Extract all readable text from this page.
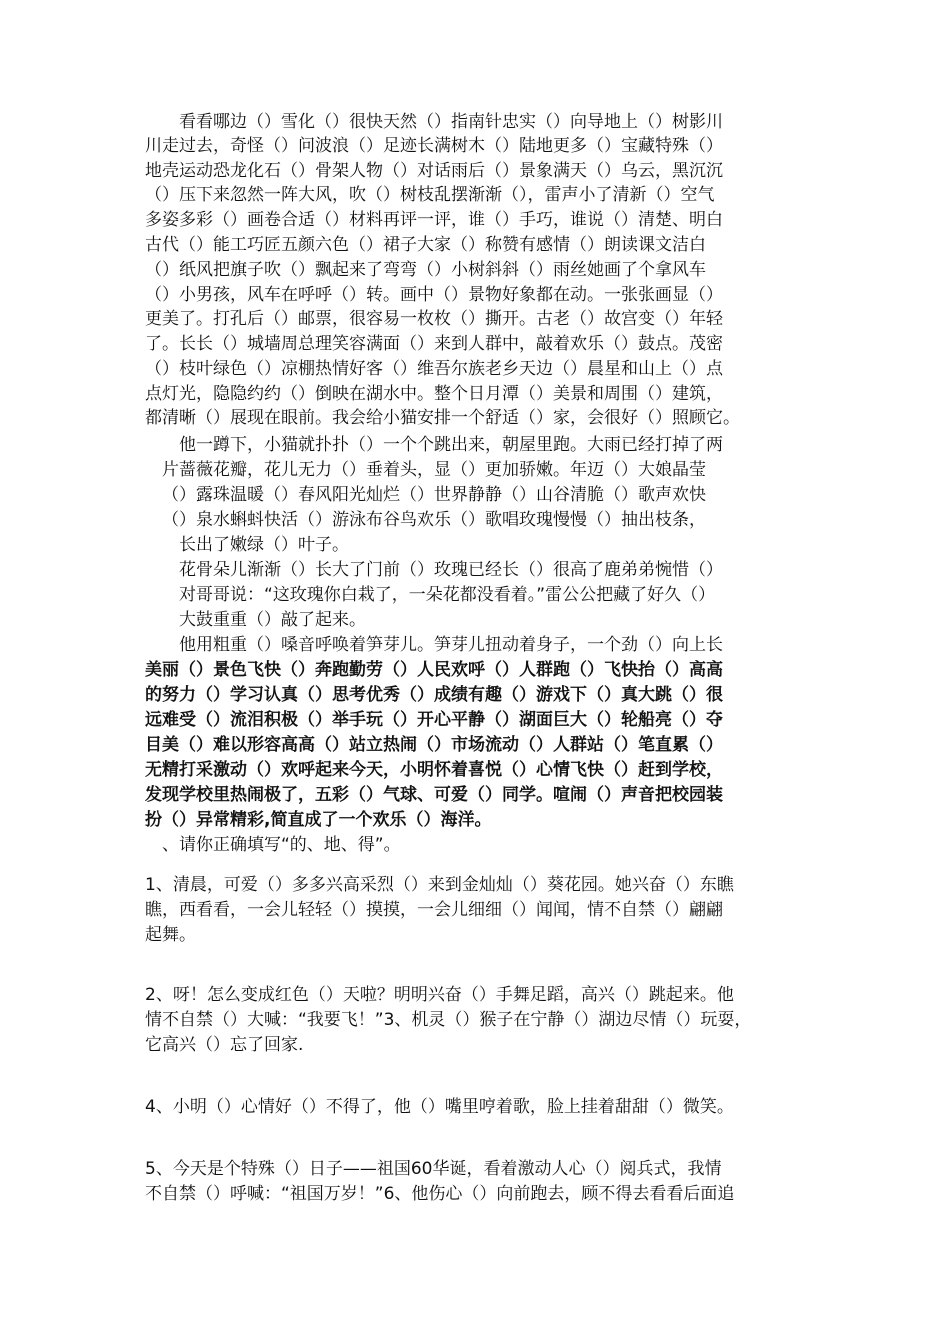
看看哪边（）雪化（）很快天然（）指南针忠实（）向导地上（）树影川
川走过去，奇怪（）问波浪（）足迹长满树木（）陆地更多（）宝藏特殊（）
地壳运动恐龙化石（）骨架人物（）对话雨后（）景象满天（）乌云，黑沉沉
（）压下来忽然一阵大风，吹（）树枝乱摆渐渐（），雷声小了清新（）空气
多姿多彩（）画卷合适（）材料再评一评，谁（）手巧，谁说（）清楚、明白
古代（）能工巧匠五颜六色（）裙子大家（）称赞有感情（）朗读课文洁白
（）纸风把旗子吹（）飘起来了弯弯（）小树斜斜（）雨丝她画了个拿风车
（）小男孩，风车在呼呼（）转。画中（）景物好象都在动。一张张画显（）
更美了。打孔后（）邮票，很容易一枚枚（）撕开。古老（）故宫变（）年轻
了。长长（）城墙周总理笑容满面（）来到人群中，敲着欢乐（）鼓点。茂密
（）枝叶绿色（）凉棚热情好客（）维吾尔族老乡天边（）晨星和山上（）点
点灯光，隐隐约约（）倒映在湖水中。整个日月潭（）美景和周围（）建筑，
都清晰（）展现在眼前。我会给小猫安排一个舒适（）家，会很好（）照顾它。
他一蹲下，小猫就扑扑（）一个个跳出来，朝屋里跑。大雨已经打掉了两
片蔷薇花瓣，花儿无力（）垂着头，显（）更加骄嫩。年迈（）大娘晶莹
（）露珠温暖（）春风阳光灿烂（）世界静静（）山谷清脆（）歌声欢快
（）泉水蝌蚪快活（）游泳布谷鸟欢乐（）歌唱玫瑰慢慢（）抽出枝条，
长出了嫩绿（）叶子。
花骨朵儿渐渐（）长大了门前（）玫瑰已经长（）很高了鹿弟弟惋惜（）
对哥哥说：“这玫瑰你白栽了，一朵花都没看着。”雷公公把藏了好久（）
大鼓重重（）敲了起来。
他用粗重（）嗓音呼唤着笋芽儿。笋芽儿扭动着身子，一个劲（）向上长
美丽（）景色飞快（）奔跑勤劳（）人民欢呼（）人群跑（）飞快抬（）高高
的努力（）学习认真（）思考优秀（）成绩有趣（）游戏下（）真大跳（）很
远难受（）流泪积极（）举手玩（）开心平静（）湖面巨大（）轮船亮（）夺
目美（）难以形容高高（）站立热闹（）市场流动（）人群站（）笔直累（）
无精打采激动（）欢呼起来今天，小明怀着喜悦（）心情飞快（）赶到学校，
发现学校里热闹极了，五彩（）气球、可爱（）同学。喧闹（）声音把校园装
扮（）异常精彩,简直成了一个欢乐（）海洋。
、请你正确填写“的、地、得”。
1、清晨，可爱（）多多兴高采烈（）来到金灿灿（）葵花园。她兴奋（）东瞧
瞧，西看看，一会儿轻轻（）摸摸，一会儿细细（）闻闻，情不自禁（）翩翩
起舞。
2、呀！怎么变成红色（）天啦？明明兴奋（）手舞足蹈，高兴（）跳起来。他
情不自禁（）大喊：“我要飞！”3、机灵（）猴子在宁静（）湖边尽情（）玩耍，
它高兴（）忘了回家.
4、小明（）心情好（）不得了，他（）嘴里哼着歌，脸上挂着甜甜（）微笑。
5、今天是个特殊（）日子——祖国60华诞，看着激动人心（）阅兵式，我情
不自禁（）呼喊：“祖国万岁！”6、他伤心（）向前跑去，顾不得去看看后面追
